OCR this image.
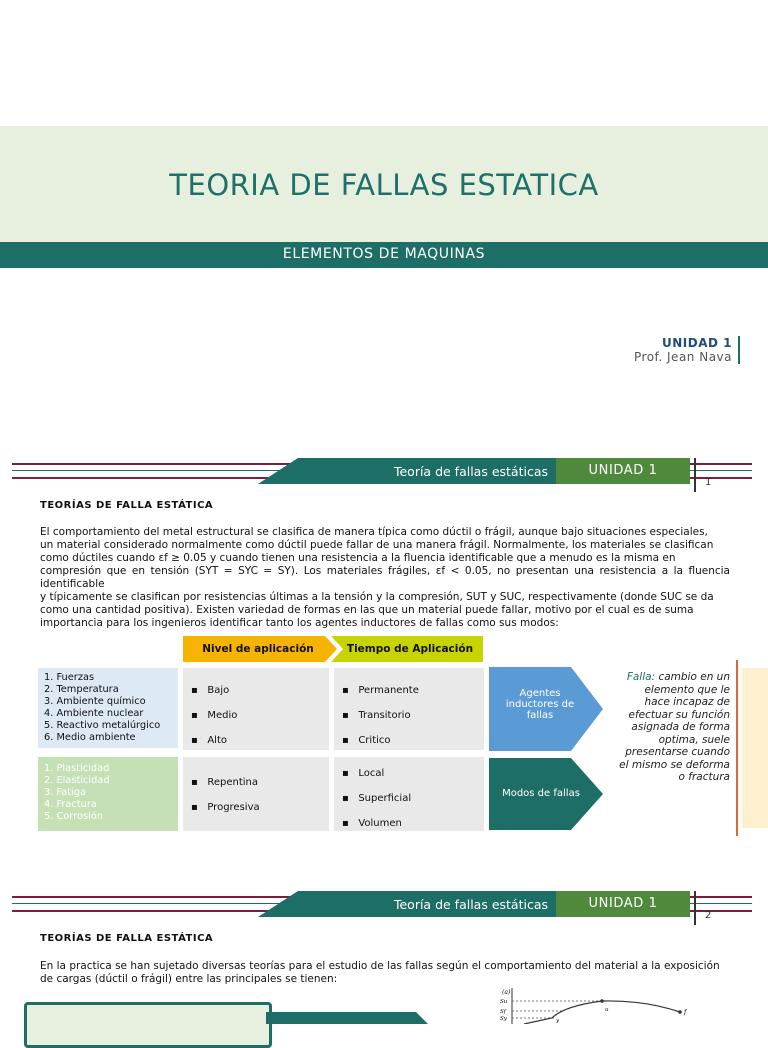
TEORIA DE FALLAS ESTATICA
ELEMENTOS DE MAQUINAS
UNIDAD 1
Prof. Jean Nava
Teoría de fallas estáticas	UNIDAD 1
1
TEORÍAS DE FALLA ESTÁTICA
El comportamiento del metal estructural se clasifica de manera típica como dúctil o frágil, aunque bajo situaciones especiales,
un material considerado normalmente como dúctil puede fallar de una manera frágil. Normalmente, los materiales se clasifican
como dúctiles cuando εf ≥ 0.05 y cuando tienen una resistencia a la fluencia identificable que a menudo es la misma en
compresión que en tensión (SYT = SYC = SY). Los materiales frágiles, εf < 0.05, no presentan una resistencia a la fluencia identificable
y típicamente se clasifican por resistencias últimas a la tensión y la compresión, SUT y SUC, respectivamente (donde SUC se da
como una cantidad positiva). Existen variedad de formas en las que un material puede fallar, motivo por el cual es de suma
importancia para los ingenieros identificar tanto los agentes inductores de fallas como sus modos:
Nivel de aplicación	Tiempo de Aplicación
1. Fuerzas
2. Temperatura
3. Ambiente químico
4. Ambiente nuclear
5. Reactivo metalúrgico
6. Medio ambiente
▪   Bajo
▪   Medio
▪   Alto
▪   Permanente
▪   Transitorio
▪   Critico
Agentes inductores de fallas
1. Plasticidad
2. Elasticidad
3. Fatiga
4. Fractura
5. Corrosión
▪   Repentina
▪   Progresiva
▪   Local
▪   Superficial
▪   Volumen
Modos de fallas
Falla: cambio en un elemento que le hace incapaz de efectuar su función asignada de forma optima, suele presentarse cuando el mismo se deforma o fractura
Teoría de fallas estáticas	UNIDAD 1
2
TEORÍAS DE FALLA ESTÁTICA
En la practica se han sujetado diversas teorías para el estudio de las fallas según el comportamiento del material a la exposición
de cargas (dúctil o frágil) entre las principales se tienen:
(a)
Su
Sf
Sy
u	f
y
